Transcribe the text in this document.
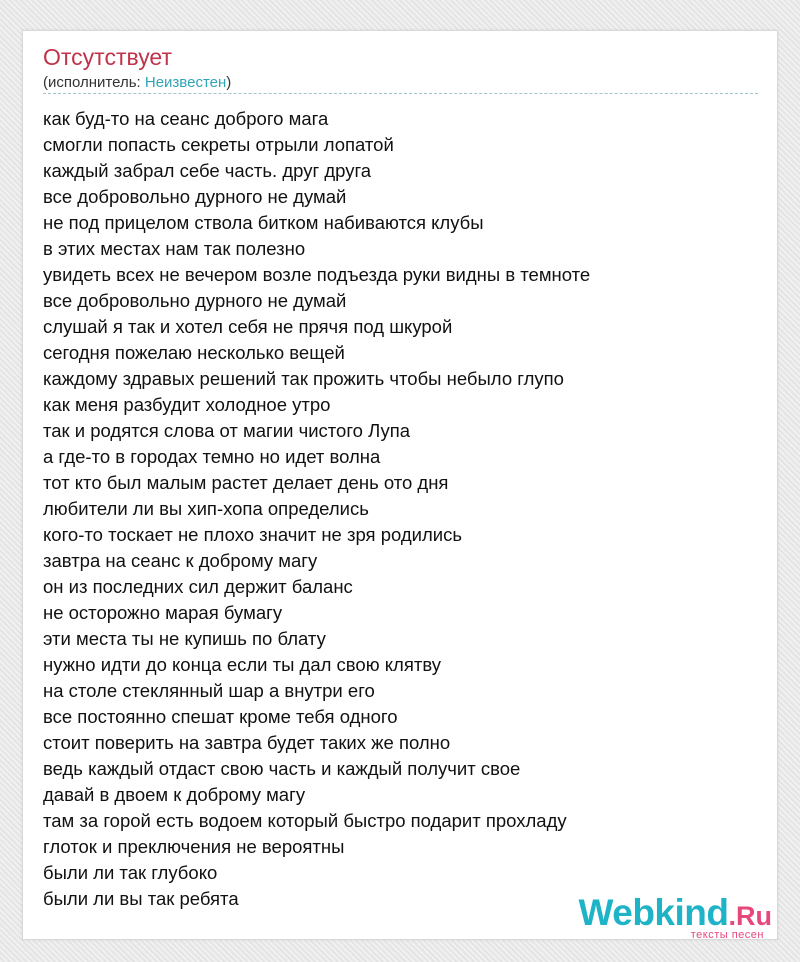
Отсутствует
(исполнитель: Неизвестен)
как буд-то на сеанс доброго мага
смогли попасть секреты отрыли лопатой
каждый забрал себе часть. друг друга
все добровольно дурного не думай
не под прицелом ствола битком набиваются клубы
в этих местах нам так полезно
увидеть всех не вечером возле подъезда руки видны в темноте
все добровольно дурного не думай
слушай я так и хотел себя не прячя под шкурой
сегодня пожелаю несколько вещей
каждому здравых решений так прожить чтобы небыло глупо
как меня разбудит холодное утро
так и родятся слова от магии чистого Лупа
а где-то в городах темно но идет волна
тот кто был малым растет делает день ото дня
любители ли вы хип-хопа определись
кого-то тоскает не плохо значит не зря родились
завтра на сеанс к доброму магу
он из последних сил держит баланс
не осторожно марая бумагу
эти места ты не купишь по блату
нужно идти до конца если ты дал свою клятву
на столе стеклянный шар а внутри его
все постоянно спешат кроме тебя одного
стоит поверить на завтра будет таких же полно
ведь каждый отдаст свою часть и каждый получит свое
давай в двоем к доброму магу
там за горой есть водоем который быстро подарит прохладу
глоток и преключения не вероятны
были ли так глубоко
были ли вы так ребята	Webkind.Ru
тексты песен
